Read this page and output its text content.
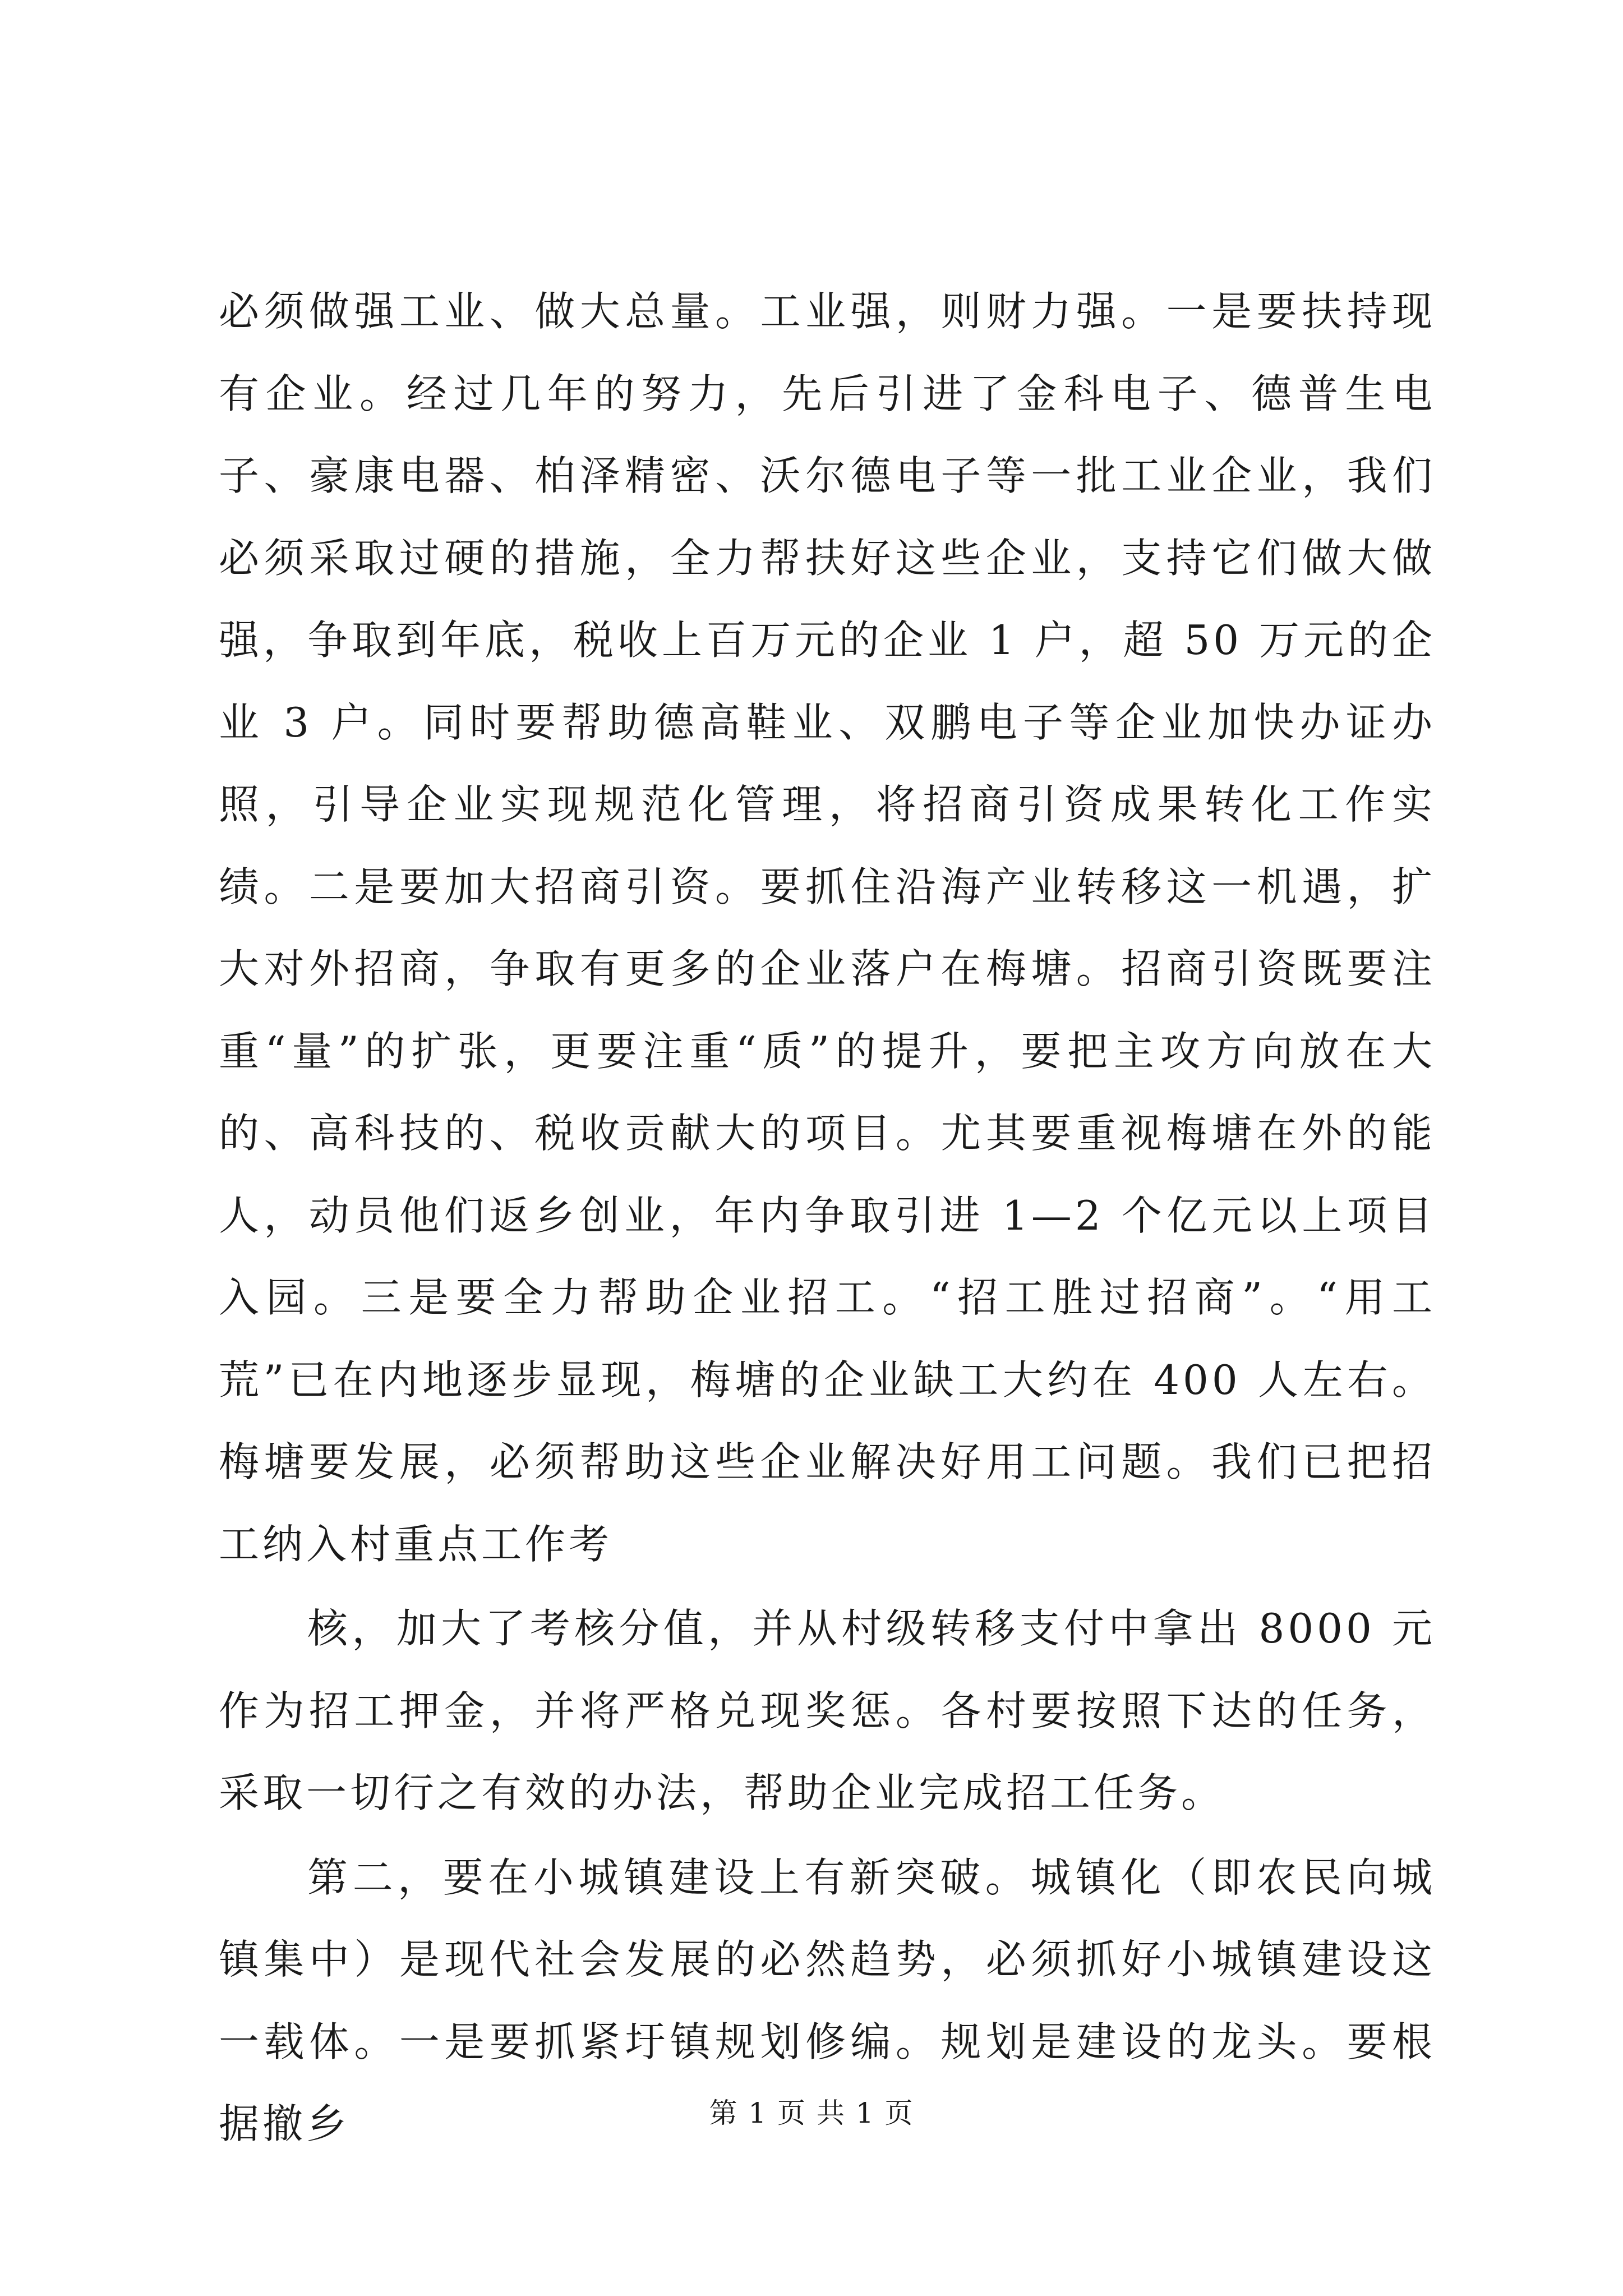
必须做强工业、做大总量。工业强，则财力强。一是要扶持现有企业。经过几年的努力，先后引进了金科电子、德普生电子、豪康电器、柏泽精密、沃尔德电子等一批工业企业，我们必须采取过硬的措施，全力帮扶好这些企业，支持它们做大做强，争取到年底，税收上百万元的企业 1 户，超 50 万元的企业 3 户。同时要帮助德高鞋业、双鹏电子等企业加快办证办照，引导企业实现规范化管理，将招商引资成果转化工作实绩。二是要加大招商引资。要抓住沿海产业转移这一机遇，扩大对外招商，争取有更多的企业落户在梅塘。招商引资既要注重“量”的扩张，更要注重“质”的提升，要把主攻方向放在大的、高科技的、税收贡献大的项目。尤其要重视梅塘在外的能人，动员他们返乡创业，年内争取引进 1—2 个亿元以上项目入园。三是要全力帮助企业招工。“招工胜过招商”。“用工荒”已在内地逐步显现，梅塘的企业缺工大约在 400 人左右。梅塘要发展，必须帮助这些企业解决好用工问题。我们已把招工纳入村重点工作考

核，加大了考核分值，并从村级转移支付中拿出 8000 元作为招工押金，并将严格兑现奖惩。各村要按照下达的任务，采取一切行之有效的办法，帮助企业完成招工任务。

第二，要在小城镇建设上有新突破。城镇化（即农民向城镇集中）是现代社会发展的必然趋势，必须抓好小城镇建设这一载体。一是要抓紧圩镇规划修编。规划是建设的龙头。要根据撤乡	第 1 页 共 1 页
